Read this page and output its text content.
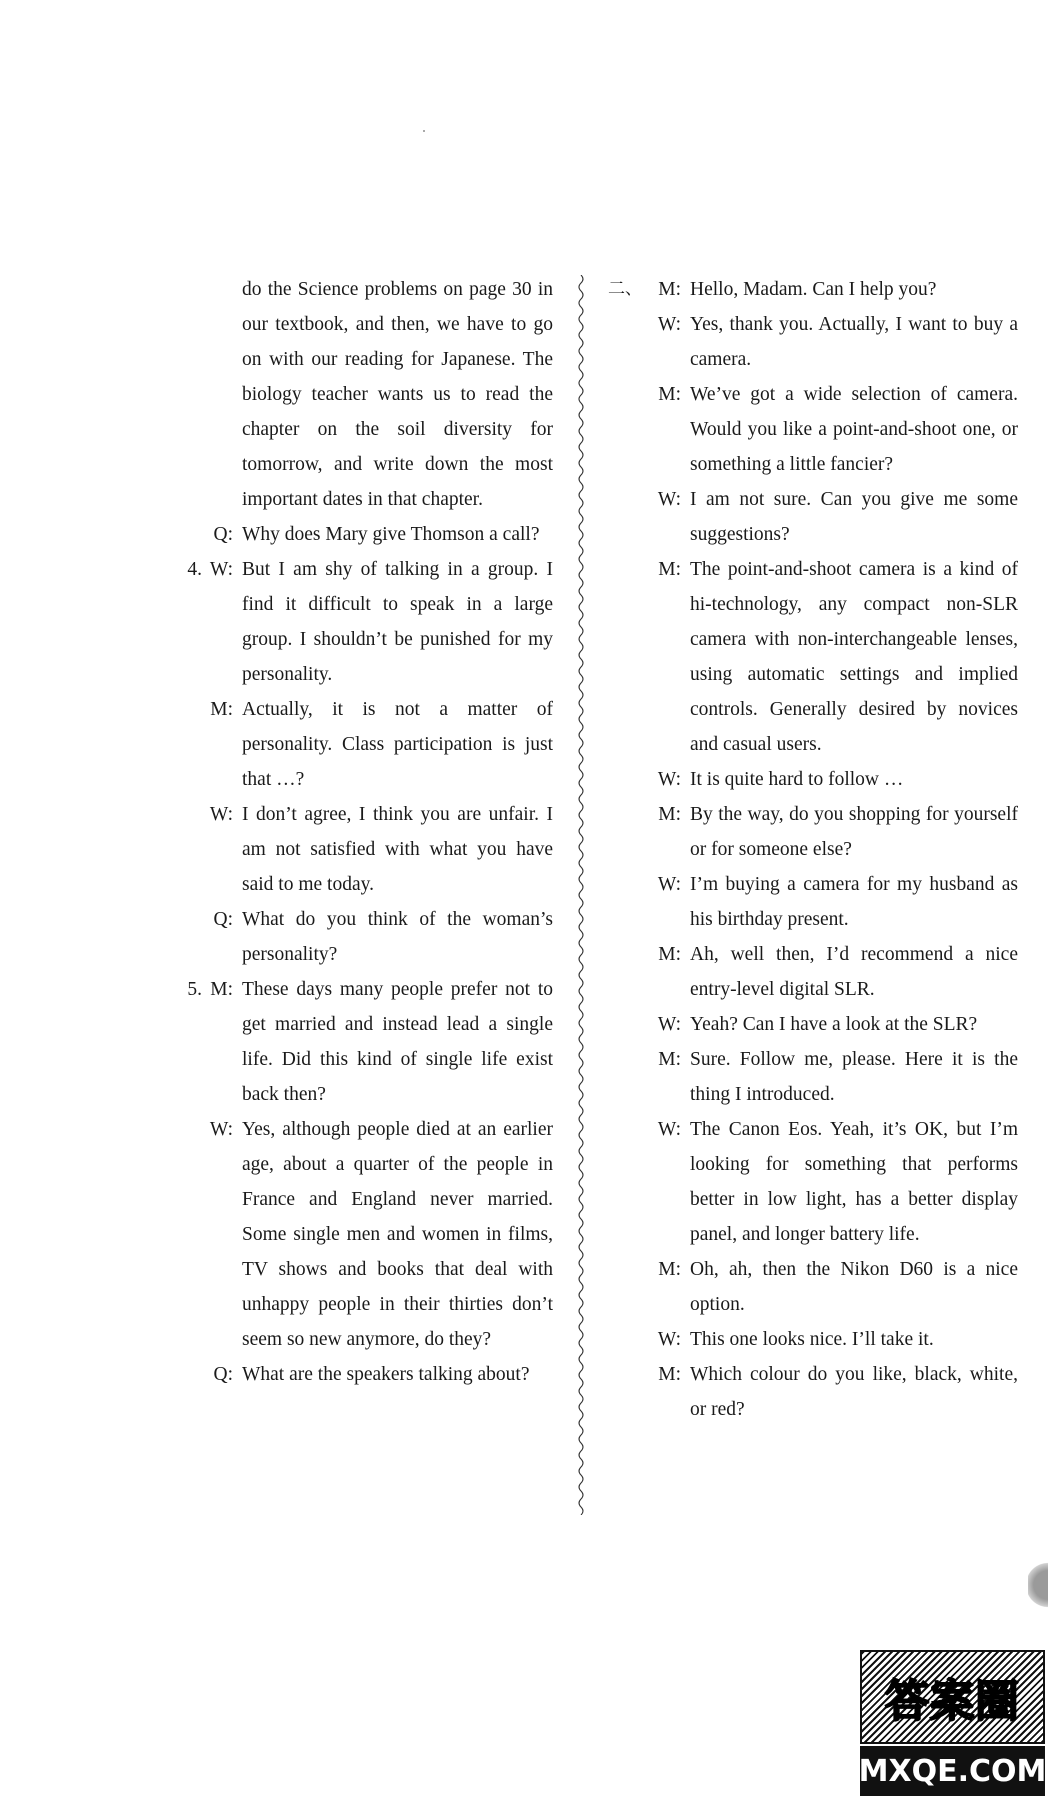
do the Science problems on page 30 in our textbook, and then, we have to go on with our reading for Japanese. The biology teacher wants us to read the chapter on the soil diversity for tomorrow, and write down the most important dates in that chapter.
Q: Why does Mary give Thomson a call?
4. W: But I am shy of talking in a group. I find it difficult to speak in a large group. I shouldn’t be punished for my personality.
M: Actually, it is not a matter of personality. Class participation is just that …?
W: I don’t agree, I think you are unfair. I am not satisfied with what you have said to me today.
Q: What do you think of the woman’s personality?
5. M: These days many people prefer not to get married and instead lead a single life. Did this kind of single life exist back then?
W: Yes, although people died at an earlier age, about a quarter of the people in France and England never married. Some single men and women in films, TV shows and books that deal with unhappy people in their thirties don’t seem so new anymore, do they?
Q: What are the speakers talking about?
二、 M: Hello, Madam. Can I help you?
W: Yes, thank you. Actually, I want to buy a camera.
M: We’ve got a wide selection of camera. Would you like a point-and-shoot one, or something a little fancier?
W: I am not sure. Can you give me some suggestions?
M: The point-and-shoot camera is a kind of hi-technology, any compact non-SLR camera with non-interchangeable lenses, using automatic settings and implied controls. Generally desired by novices and casual users.
W: It is quite hard to follow …
M: By the way, do you shopping for yourself or for someone else?
W: I’m buying a camera for my husband as his birthday present.
M: Ah, well then, I’d recommend a nice entry-level digital SLR.
W: Yeah? Can I have a look at the SLR?
M: Sure. Follow me, please. Here it is the thing I introduced.
W: The Canon Eos. Yeah, it’s OK, but I’m looking for something that performs better in low light, has a better display panel, and longer battery life.
M: Oh, ah, then the Nikon D60 is a nice option.
W: This one looks nice. I’ll take it.
M: Which colour do you like, black, white, or red?
答案圈
MXQE.COM
